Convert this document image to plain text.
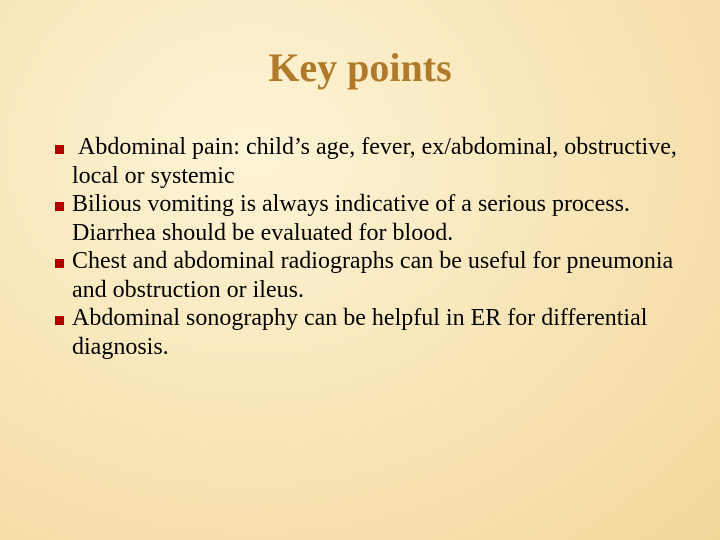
Key points
Abdominal pain: child’s age, fever, ex/abdominal, obstructive, local or systemic
Bilious vomiting is always indicative of a serious process. Diarrhea should be evaluated for blood.
Chest and abdominal radiographs can be useful for pneumonia and obstruction or ileus.
Abdominal sonography can be helpful in ER for differential diagnosis.
